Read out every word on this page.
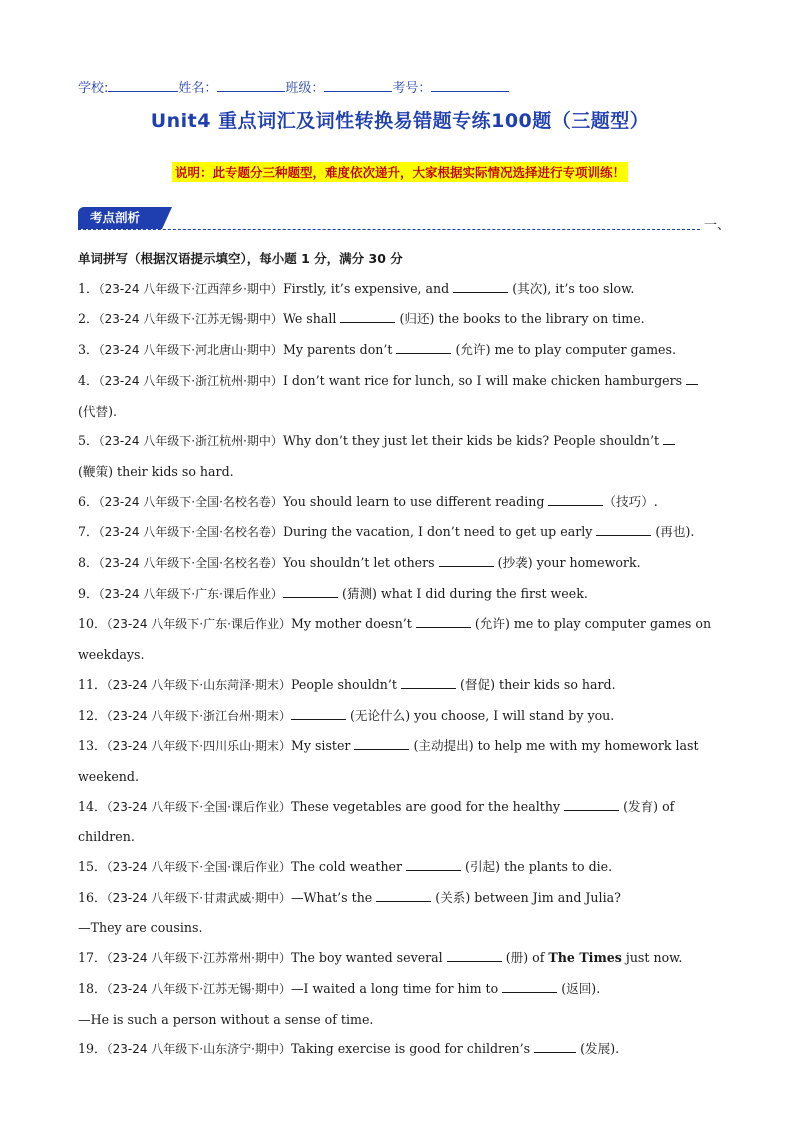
学校:	姓名：	班级：	考号：
Unit4 重点词汇及词性转换易错题专练100题（三题型）
说明：此专题分三种题型，难度依次递升，大家根据实际情况选择进行专项训练！
考点剖析
一、
单词拼写（根据汉语提示填空），每小题 1 分，满分 30 分
1．（23-24 八年级下·江西萍乡·期中）Firstly, it’s expensive, and	(其次), it’s too slow.
2．（23-24 八年级下·江苏无锡·期中）We shall	(归还) the books to the library on time.
3．（23-24 八年级下·河北唐山·期中）My parents don’t	(允许) me to play computer games.
4．（23-24 八年级下·浙江杭州·期中）I don’t want rice for lunch, so I will make chicken hamburgers
(代替).
5．（23-24 八年级下·浙江杭州·期中）Why don’t they just let their kids be kids? People shouldn’t
(鞭策) their kids so hard.
6．（23-24 八年级下·全国·名校名卷）You should learn to use different reading	（技巧）.
7．（23-24 八年级下·全国·名校名卷）During the vacation, I don’t need to get up early	(再也).
8．（23-24 八年级下·全国·名校名卷）You shouldn’t let others	(抄袭) your homework.
9．（23-24 八年级下·广东·课后作业）	(猜测) what I did during the first week.
10．（23-24 八年级下·广东·课后作业）My mother doesn’t	(允许) me to play computer games on
weekdays.
11．（23-24 八年级下·山东菏泽·期末）People shouldn’t	(督促) their kids so hard.
12．（23-24 八年级下·浙江台州·期末）	(无论什么) you choose, I will stand by you.
13．（23-24 八年级下·四川乐山·期末）My sister	(主动提出) to help me with my homework last
weekend.
14．（23-24 八年级下·全国·课后作业）These vegetables are good for the healthy	(发育) of
children.
15．（23-24 八年级下·全国·课后作业）The cold weather	(引起) the plants to die.
16．（23-24 八年级下·甘肃武威·期中）—What’s the	(关系) between Jim and Julia?
—They are cousins.
17．（23-24 八年级下·江苏常州·期中）The boy wanted several	(册) of The Times just now.
18．（23-24 八年级下·江苏无锡·期中）—I waited a long time for him to	(返回).
—He is such a person without a sense of time.
19．（23-24 八年级下·山东济宁·期中）Taking exercise is good for children’s	(发展).
